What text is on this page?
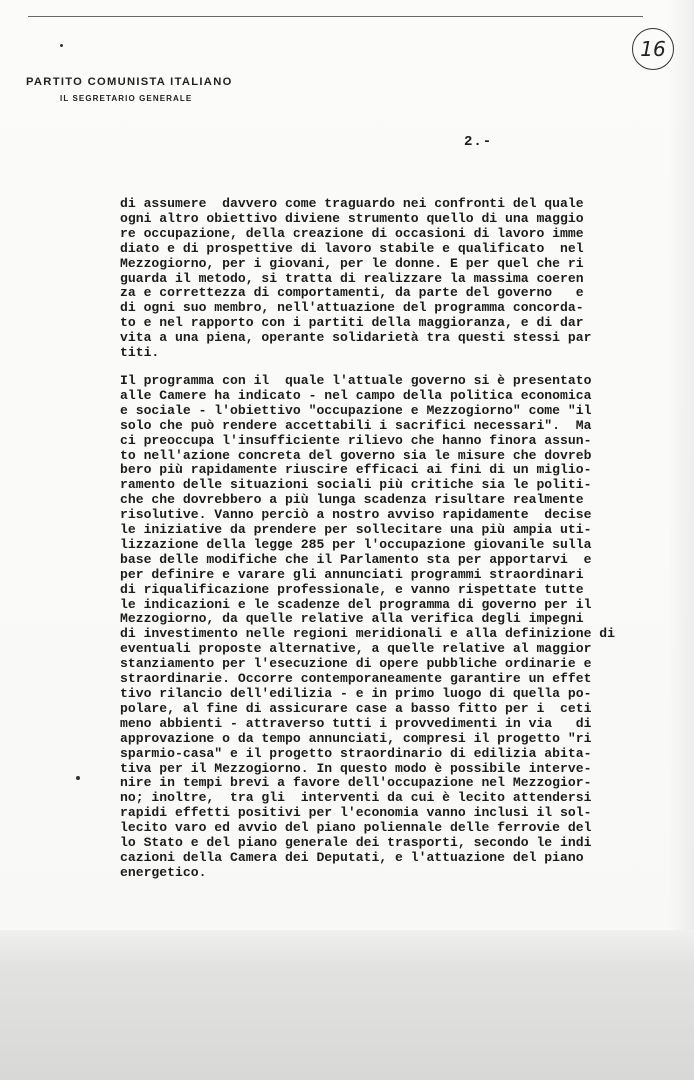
16
PARTITO COMUNISTA ITALIANO
IL SEGRETARIO GENERALE
2.-

di assumere  davvero come traguardo nei confronti del quale
ogni altro obiettivo diviene strumento quello di una maggio
re occupazione, della creazione di occasioni di lavoro imme
diato e di prospettive di lavoro stabile e qualificato  nel
Mezzogiorno, per i giovani, per le donne. E per quel che ri
guarda il metodo, si tratta di realizzare la massima coeren
za e correttezza di comportamenti, da parte del governo   e
di ogni suo membro, nell'attuazione del programma concorda-
to e nel rapporto con i partiti della maggioranza, e di dar
vita a una piena, operante solidarietà tra questi stessi par
titi.

Il programma con il  quale l'attuale governo si è presentato
alle Camere ha indicato - nel campo della politica economica
e sociale - l'obiettivo "occupazione e Mezzogiorno" come "il
solo che può rendere accettabili i sacrifici necessari".  Ma
ci preoccupa l'insufficiente rilievo che hanno finora assun-
to nell'azione concreta del governo sia le misure che dovreb
bero più rapidamente riuscire efficaci ai fini di un miglio-
ramento delle situazioni sociali più critiche sia le politi-
che che dovrebbero a più lunga scadenza risultare realmente
risolutive. Vanno perciò a nostro avviso rapidamente  decise
le iniziative da prendere per sollecitare una più ampia uti-
lizzazione della legge 285 per l'occupazione giovanile sulla
base delle modifiche che il Parlamento sta per apportarvi  e
per definire e varare gli annunciati programmi straordinari
di riqualificazione professionale, e vanno rispettate tutte
le indicazioni e le scadenze del programma di governo per il
Mezzogiorno, da quelle relative alla verifica degli impegni
di investimento nelle regioni meridionali e alla definizione di
eventuali proposte alternative, a quelle relative al maggior
stanziamento per l'esecuzione di opere pubbliche ordinarie e
straordinarie. Occorre contemporaneamente garantire un effet
tivo rilancio dell'edilizia - e in primo luogo di quella po-
polare, al fine di assicurare case a basso fitto per i  ceti
meno abbienti - attraverso tutti i provvedimenti in via   di
approvazione o da tempo annunciati, compresi il progetto "ri
sparmio-casa" e il progetto straordinario di edilizia abita-
tiva per il Mezzogiorno. In questo modo è possibile interve-
nire in tempi brevi a favore dell'occupazione nel Mezzogior-
no; inoltre,  tra gli  interventi da cui è lecito attendersi
rapidi effetti positivi per l'economia vanno inclusi il sol-
lecito varo ed avvio del piano poliennale delle ferrovie del
lo Stato e del piano generale dei trasporti, secondo le indi
cazioni della Camera dei Deputati, e l'attuazione del piano
energetico.
